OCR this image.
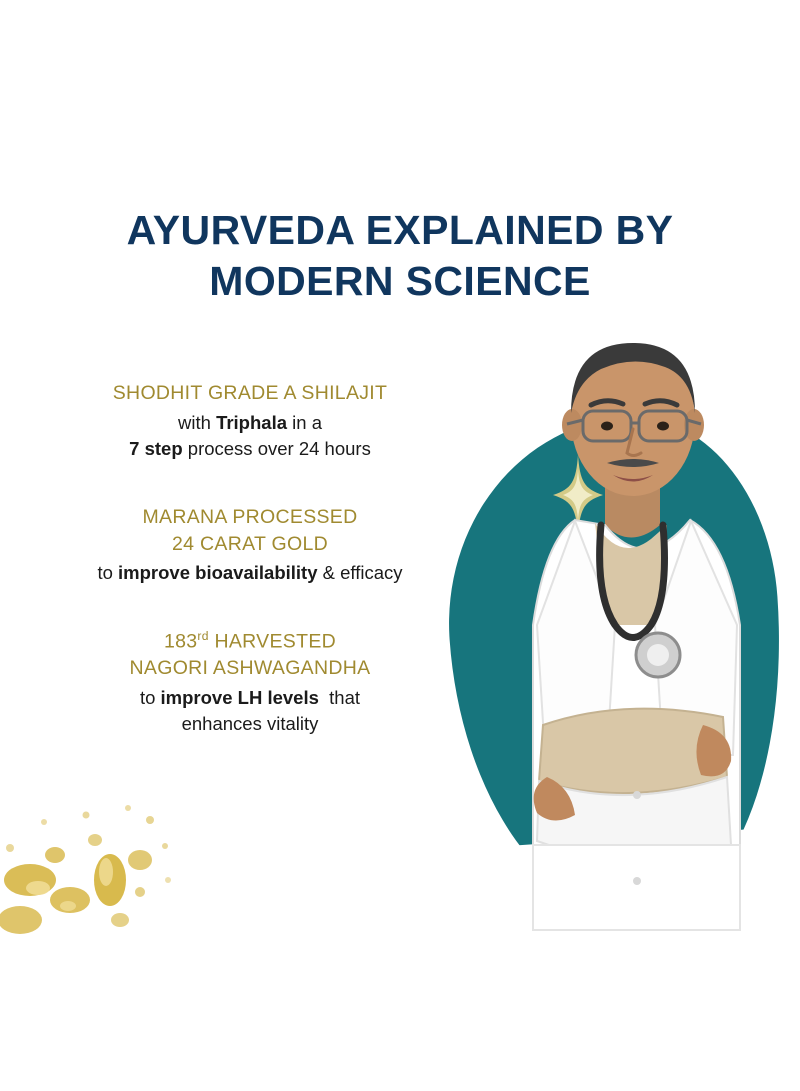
AYURVEDA EXPLAINED BY
MODERN SCIENCE
SHODHIT GRADE A SHILAJIT
with Triphala in a
7 step process over 24 hours
MARANA PROCESSED
24 CARAT GOLD
to improve bioavailability & efficacy
183rd HARVESTED
NAGORI ASHWAGANDHA
to improve LH levels  that
enhances vitality
